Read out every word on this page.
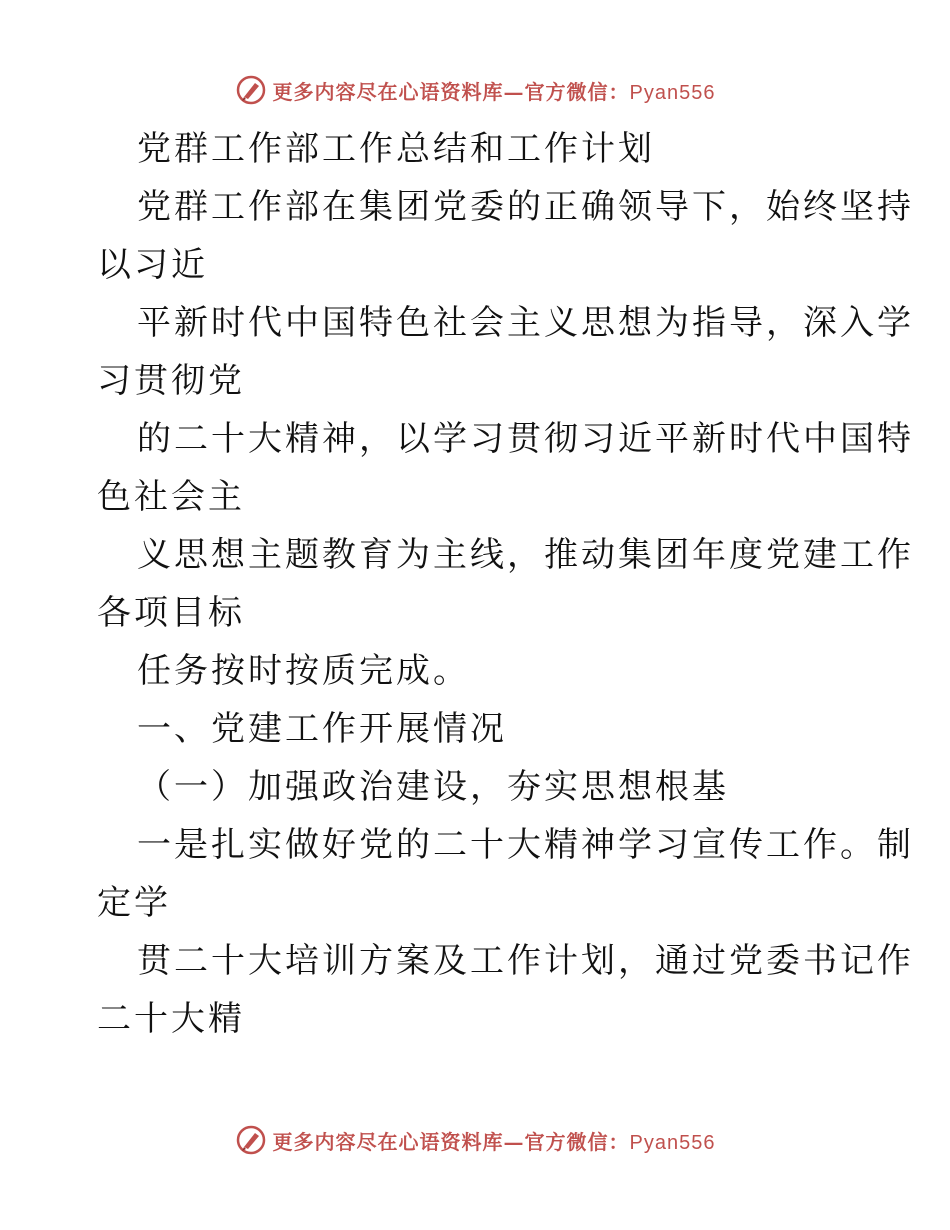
更多内容尽在心语资料库—官方微信：Pyan556
党群工作部工作总结和工作计划
党群工作部在集团党委的正确领导下，始终坚持
以习近
平新时代中国特色社会主义思想为指导，深入学
习贯彻党
的二十大精神，以学习贯彻习近平新时代中国特
色社会主
义思想主题教育为主线，推动集团年度党建工作
各项目标
任务按时按质完成。
一、党建工作开展情况
（一）加强政治建设，夯实思想根基
一是扎实做好党的二十大精神学习宣传工作。制
定学
贯二十大培训方案及工作计划，通过党委书记作
二十大精
更多内容尽在心语资料库—官方微信：Pyan556
